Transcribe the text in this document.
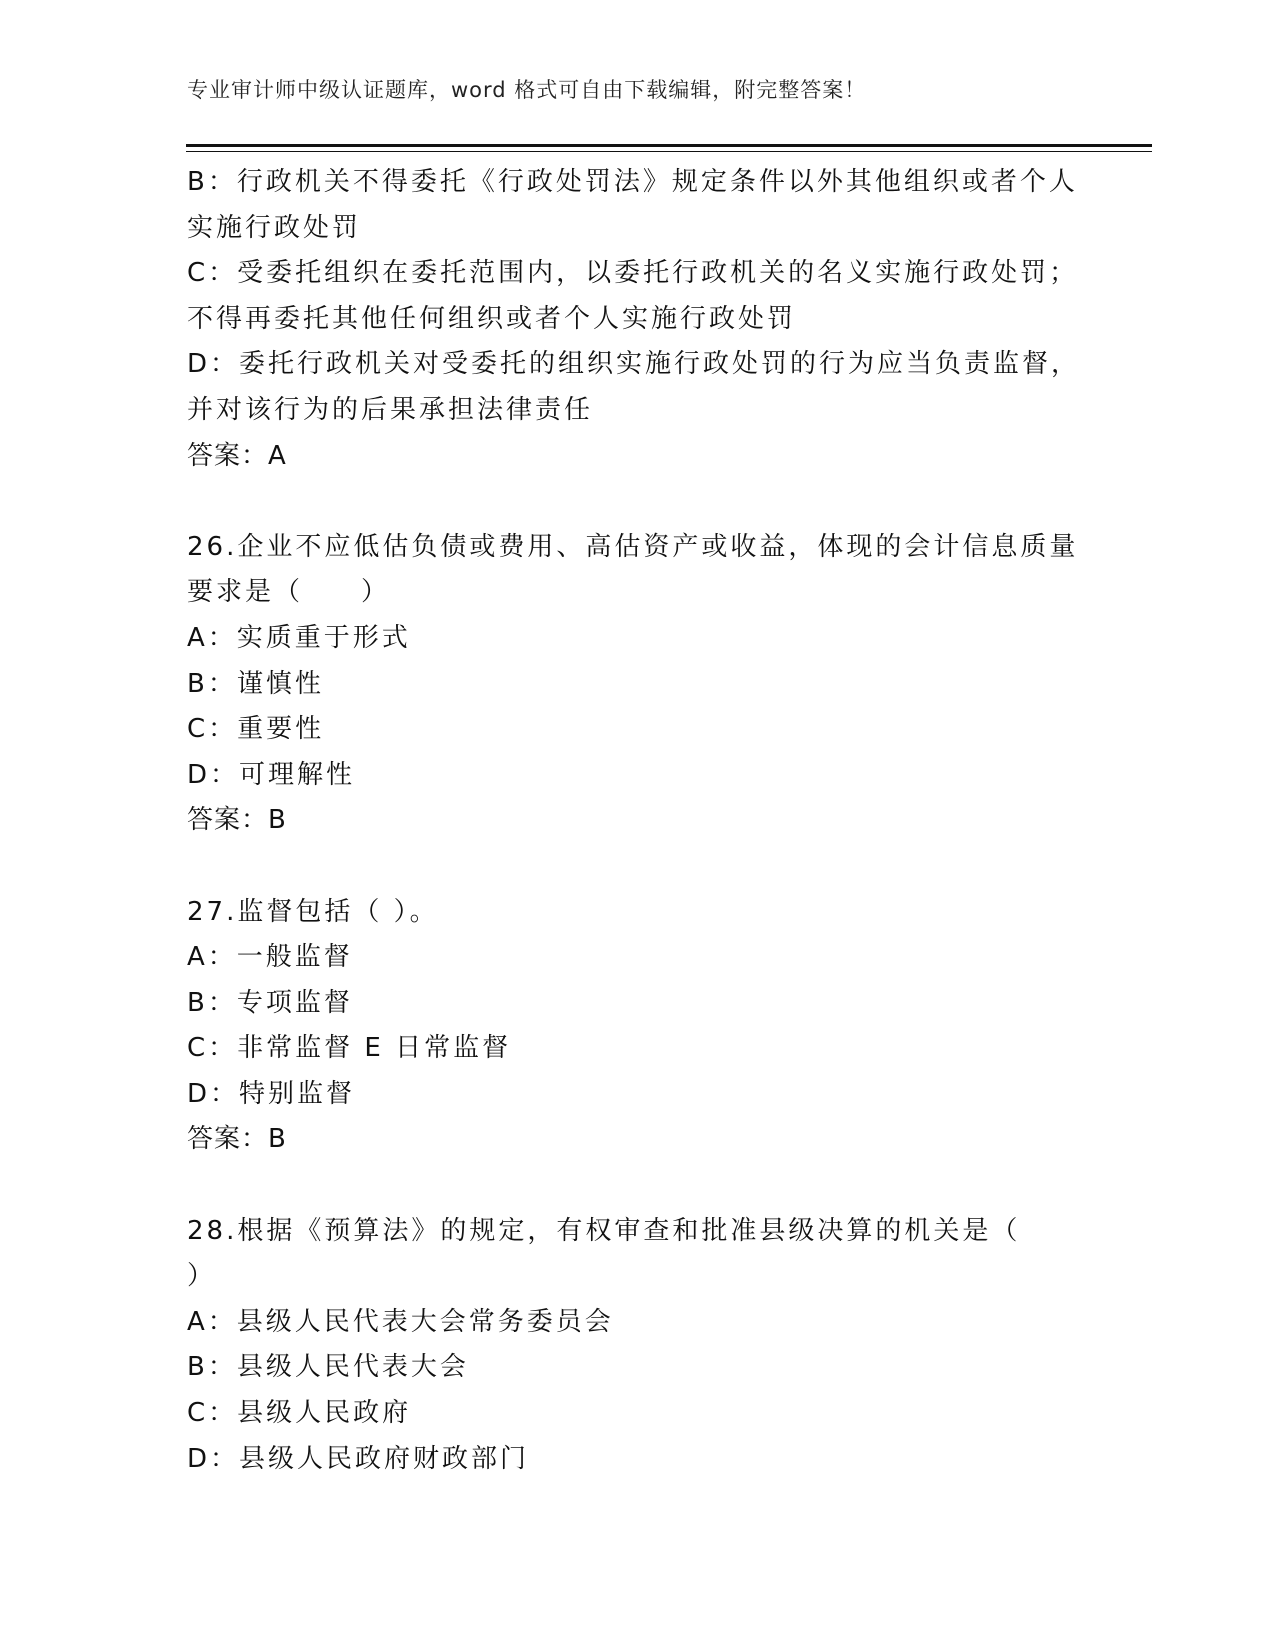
专业审计师中级认证题库，word 格式可自由下载编辑，附完整答案！
B：行政机关不得委托《行政处罚法》规定条件以外其他组织或者个人
实施行政处罚
C：受委托组织在委托范围内，以委托行政机关的名义实施行政处罚；
不得再委托其他任何组织或者个人实施行政处罚
D：委托行政机关对受委托的组织实施行政处罚的行为应当负责监督，
并对该行为的后果承担法律责任
答案：A
26.企业不应低估负债或费用、高估资产或收益，体现的会计信息质量
要求是（　　）
A：实质重于形式
B：谨慎性
C：重要性
D：可理解性
答案：B
27.监督包括（ ）。
A：一般监督
B：专项监督
C：非常监督 E 日常监督
D：特别监督
答案：B
28.根据《预算法》的规定，有权审查和批准县级决算的机关是（
）
A：县级人民代表大会常务委员会
B：县级人民代表大会
C：县级人民政府
D：县级人民政府财政部门
